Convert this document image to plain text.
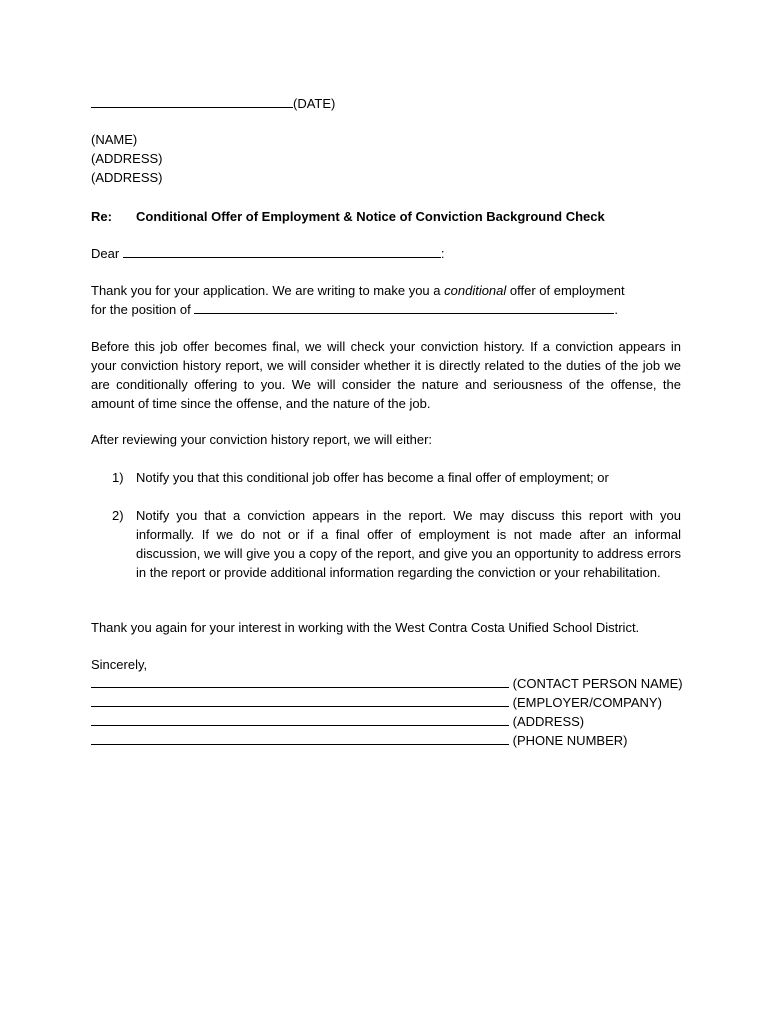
(DATE)
(NAME)
(ADDRESS)
(ADDRESS)
Re: Conditional Offer of Employment & Notice of Conviction Background Check
Dear	:
Thank you for your application. We are writing to make you a conditional offer of employment
for the position of	.
Before this job offer becomes final, we will check your conviction history. If a conviction appears in your conviction history report, we will consider whether it is directly related to the duties of the job we are conditionally offering to you. We will consider the nature and seriousness of the offense, the amount of time since the offense, and the nature of the job.
After reviewing your conviction history report, we will either:
1) Notify you that this conditional job offer has become a final offer of employment; or
2) Notify you that a conviction appears in the report. We may discuss this report with you informally. If we do not or if a final offer of employment is not made after an informal discussion, we will give you a copy of the report, and give you an opportunity to address errors in the report or provide additional information regarding the conviction or your rehabilitation.
Thank you again for your interest in working with the West Contra Costa Unified School District.
Sincerely,
(CONTACT PERSON NAME)
(EMPLOYER/COMPANY)
(ADDRESS)
(PHONE NUMBER)
